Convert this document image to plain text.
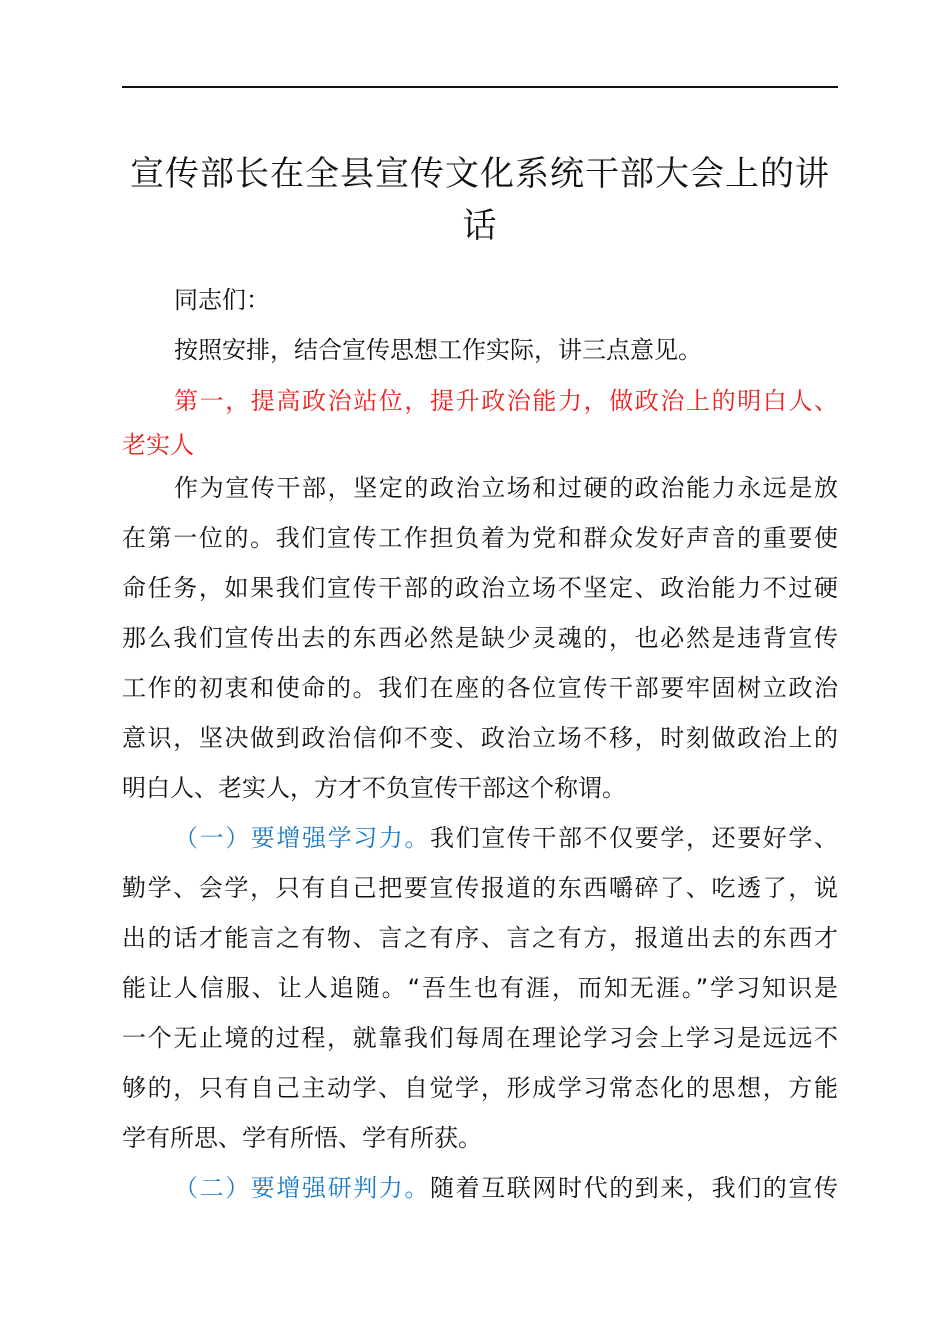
宣传部长在全县宣传文化系统干部大会上的讲
话
同志们：
按照安排，结合宣传思想工作实际，讲三点意见。
第一，提高政治站位，提升政治能力，做政治上的明白人、
老实人
作为宣传干部，坚定的政治立场和过硬的政治能力永远是放
在第一位的。我们宣传工作担负着为党和群众发好声音的重要使
命任务，如果我们宣传干部的政治立场不坚定、政治能力不过硬
那么我们宣传出去的东西必然是缺少灵魂的，也必然是违背宣传
工作的初衷和使命的。我们在座的各位宣传干部要牢固树立政治
意识，坚决做到政治信仰不变、政治立场不移，时刻做政治上的
明白人、老实人，方才不负宣传干部这个称谓。
（一）要增强学习力。我们宣传干部不仅要学，还要好学、
勤学、会学，只有自己把要宣传报道的东西嚼碎了、吃透了，说
出的话才能言之有物、言之有序、言之有方，报道出去的东西才
能让人信服、让人追随。“吾生也有涯，而知无涯。”学习知识是
一个无止境的过程，就靠我们每周在理论学习会上学习是远远不
够的，只有自己主动学、自觉学，形成学习常态化的思想，方能
学有所思、学有所悟、学有所获。
（二）要增强研判力。随着互联网时代的到来，我们的宣传
